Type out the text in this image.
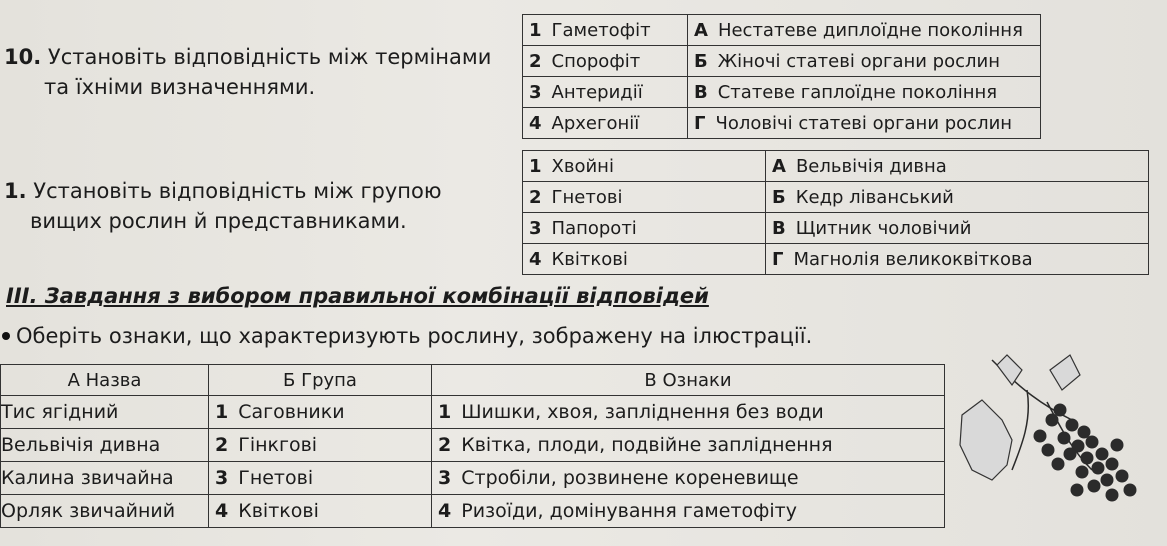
10. Установіть відповідність між термінами
та їхніми визначеннями.
1 Гаметофіт	А Нестатеве диплоїдне покоління
2 Спорофіт	Б Жіночі статеві органи рослин
3 Антеридії	В Статеве гаплоїдне покоління
4 Архегонії	Г Чоловічі статеві органи рослин
1. Установіть відповідність між групою
вищих рослин й представниками.
1 Хвойні	А Вельвічія дивна
2 Гнетові	Б Кедр ліванський
3 Папороті	В Щитник чоловічий
4 Квіткові	Г Магнолія великоквіткова
III. Завдання з вибором правильної комбінації відповідей
Оберіть ознаки, що характеризують рослину, зображену на ілюстрації.
А Назва	Б Група	В Ознаки
Тис ягідний	1 Саговники	1 Шишки, хвоя, запліднення без води
Вельвічія дивна	2 Гінкгові	2 Квітка, плоди, подвійне запліднення
Калина звичайна	3 Гнетові	3 Стробіли, розвинене кореневище
Орляк звичайний	4 Квіткові	4 Ризоїди, домінування гаметофіту
